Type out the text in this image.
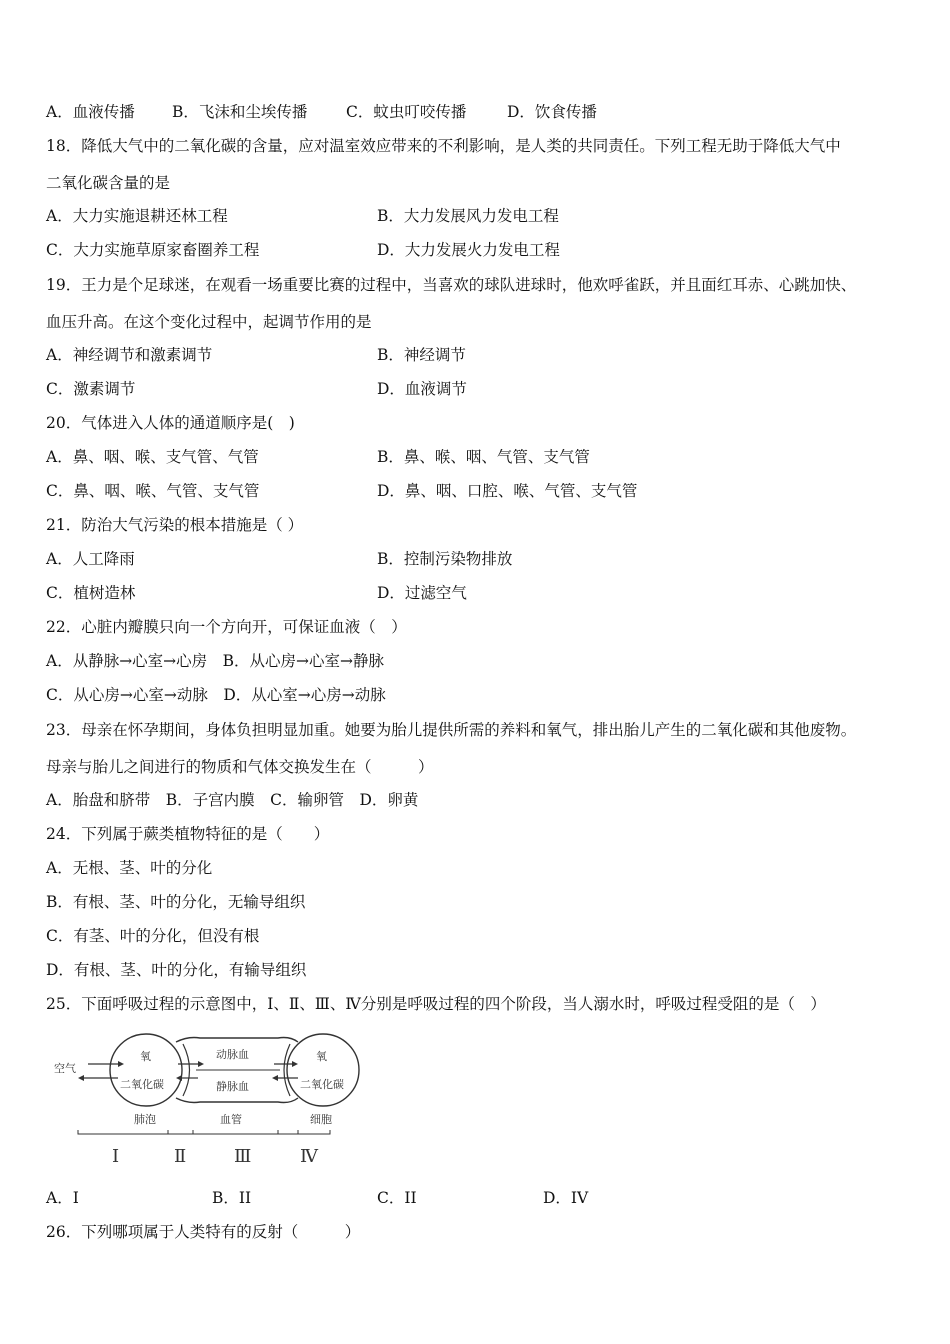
A．血液传播 B．飞沫和尘埃传播 C．蚊虫叮咬传播	D．饮食传播
18．降低大气中的二氧化碳的含量，应对温室效应带来的不利影响，是人类的共同责任。下列工程无助于降低大气中
二氧化碳含量的是
A．大力实施退耕还林工程	B．大力发展风力发电工程
C．大力实施草原家畜圈养工程	D．大力发展火力发电工程
19．王力是个足球迷，在观看一场重要比赛的过程中，当喜欢的球队进球时，他欢呼雀跃，并且面红耳赤、心跳加快、
血压升高。在这个变化过程中，起调节作用的是
A．神经调节和激素调节	B．神经调节
C．激素调节	D．血液调节
20．气体进入人体的通道顺序是(　)
A．鼻、咽、喉、支气管、气管	B．鼻、喉、咽、气管、支气管
C．鼻、咽、喉、气管、支气管	D．鼻、咽、口腔、喉、气管、支气管
21．防治大气污染的根本措施是（ ）
A．人工降雨	B．控制污染物排放
C．植树造林	D．过滤空气
22．心脏内瓣膜只向一个方向开，可保证血液（　）
A．从静脉→心室→心房　B．从心房→心室→静脉
C．从心房→心室→动脉　D．从心室→心房→动脉
23．母亲在怀孕期间，身体负担明显加重。她要为胎儿提供所需的养料和氧气，排出胎儿产生的二氧化碳和其他废物。
母亲与胎儿之间进行的物质和气体交换发生在（　　　）
A．胎盘和脐带　B．子宫内膜　C．输卵管　D．卵黄
24．下列属于蕨类植物特征的是（　　）
A．无根、茎、叶的分化
B．有根、茎、叶的分化，无输导组织
C．有茎、叶的分化，但没有根
D．有根、茎、叶的分化，有输导组织
25．下面呼吸过程的示意图中，Ⅰ、Ⅱ、Ⅲ、Ⅳ分别是呼吸过程的四个阶段，当人溺水时，呼吸过程受阻的是（　）
空气
氧
二氧化碳
氧
二氧化碳
动脉血
静脉血
肺泡	血管	细胞
Ⅰ	Ⅱ	Ⅲ	Ⅳ
A．I	B．II	C．II	D．IV
26．下列哪项属于人类特有的反射（　　　）
